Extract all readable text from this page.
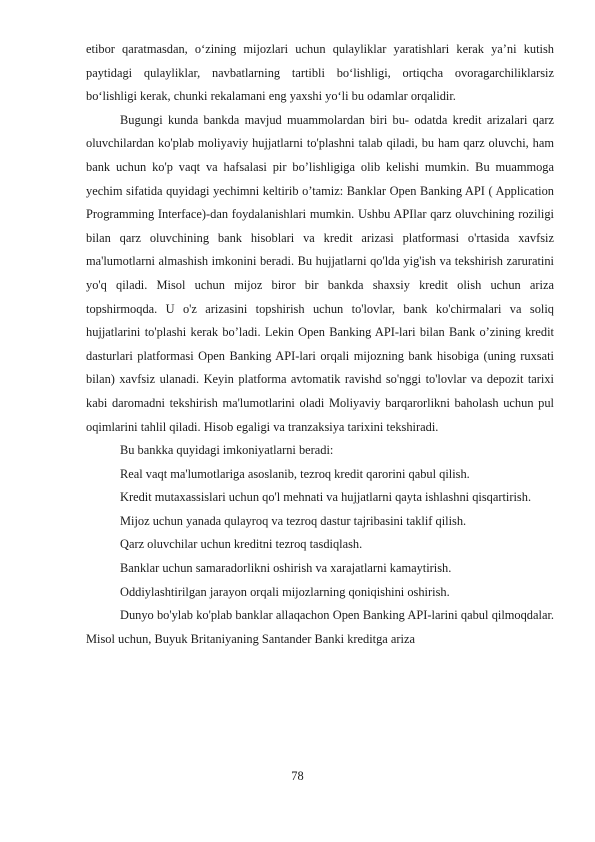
etibor qaratmasdan, o‘zining mijozlari uchun qulayliklar yaratishlari kerak ya’ni kutish paytidagi qulayliklar, navbatlarning tartibli bo‘lishligi, ortiqcha ovoragarchiliklarsiz bo‘lishligi kerak, chunki rekalamani eng yaxshi yo‘li bu odamlar orqalidir.

Bugungi kunda bankda mavjud muammolardan biri bu- odatda kredit arizalari qarz oluvchilardan ko'plab moliyaviy hujjatlarni to'plashni talab qiladi, bu ham qarz oluvchi, ham bank uchun ko'p vaqt va hafsalasi pir bo’lishligiga olib kelishi mumkin. Bu muammoga yechim sifatida quyidagi yechimni keltirib o’tamiz: Banklar Open Banking API ( Application Programming Interface)-dan foydalanishlari mumkin. Ushbu APIlar qarz oluvchining roziligi bilan qarz oluvchining bank hisoblari va kredit arizasi platformasi o'rtasida xavfsiz ma'lumotlarni almashish imkonini beradi. Bu hujjatlarni qo'lda yig'ish va tekshirish zaruratini yo'q qiladi. Misol uchun mijoz biror bir bankda shaxsiy kredit olish uchun ariza topshirmoqda. U o'z arizasini topshirish uchun to'lovlar, bank ko'chirmalari va soliq hujjatlarini to'plashi kerak bo’ladi. Lekin Open Banking API-lari bilan Bank o’zining kredit dasturlari platformasi Open Banking API-lari orqali mijozning bank hisobiga (uning ruxsati bilan) xavfsiz ulanadi. Keyin platforma avtomatik ravishd so'nggi to'lovlar va depozit tarixi kabi daromadni tekshirish ma'lumotlarini oladi Moliyaviy barqarorlikni baholash uchun pul oqimlarini tahlil qiladi. Hisob egaligi va tranzaksiya tarixini tekshiradi.

Bu bankka quyidagi imkoniyatlarni beradi:

Real vaqt ma'lumotlariga asoslanib, tezroq kredit qarorini qabul qilish.

Kredit mutaxassislari uchun qo'l mehnati va hujjatlarni qayta ishlashni qisqartirish.

Mijoz uchun yanada qulayroq va tezroq dastur tajribasini taklif qilish.

Qarz oluvchilar uchun kreditni tezroq tasdiqlash.

Banklar uchun samaradorlikni oshirish va xarajatlarni kamaytirish.

Oddiylashtirilgan jarayon orqali mijozlarning qoniqishini oshirish.

Dunyo bo'ylab ko'plab banklar allaqachon Open Banking API-larini qabul qilmoqdalar. Misol uchun, Buyuk Britaniyaning Santander Banki kreditga ariza

78
